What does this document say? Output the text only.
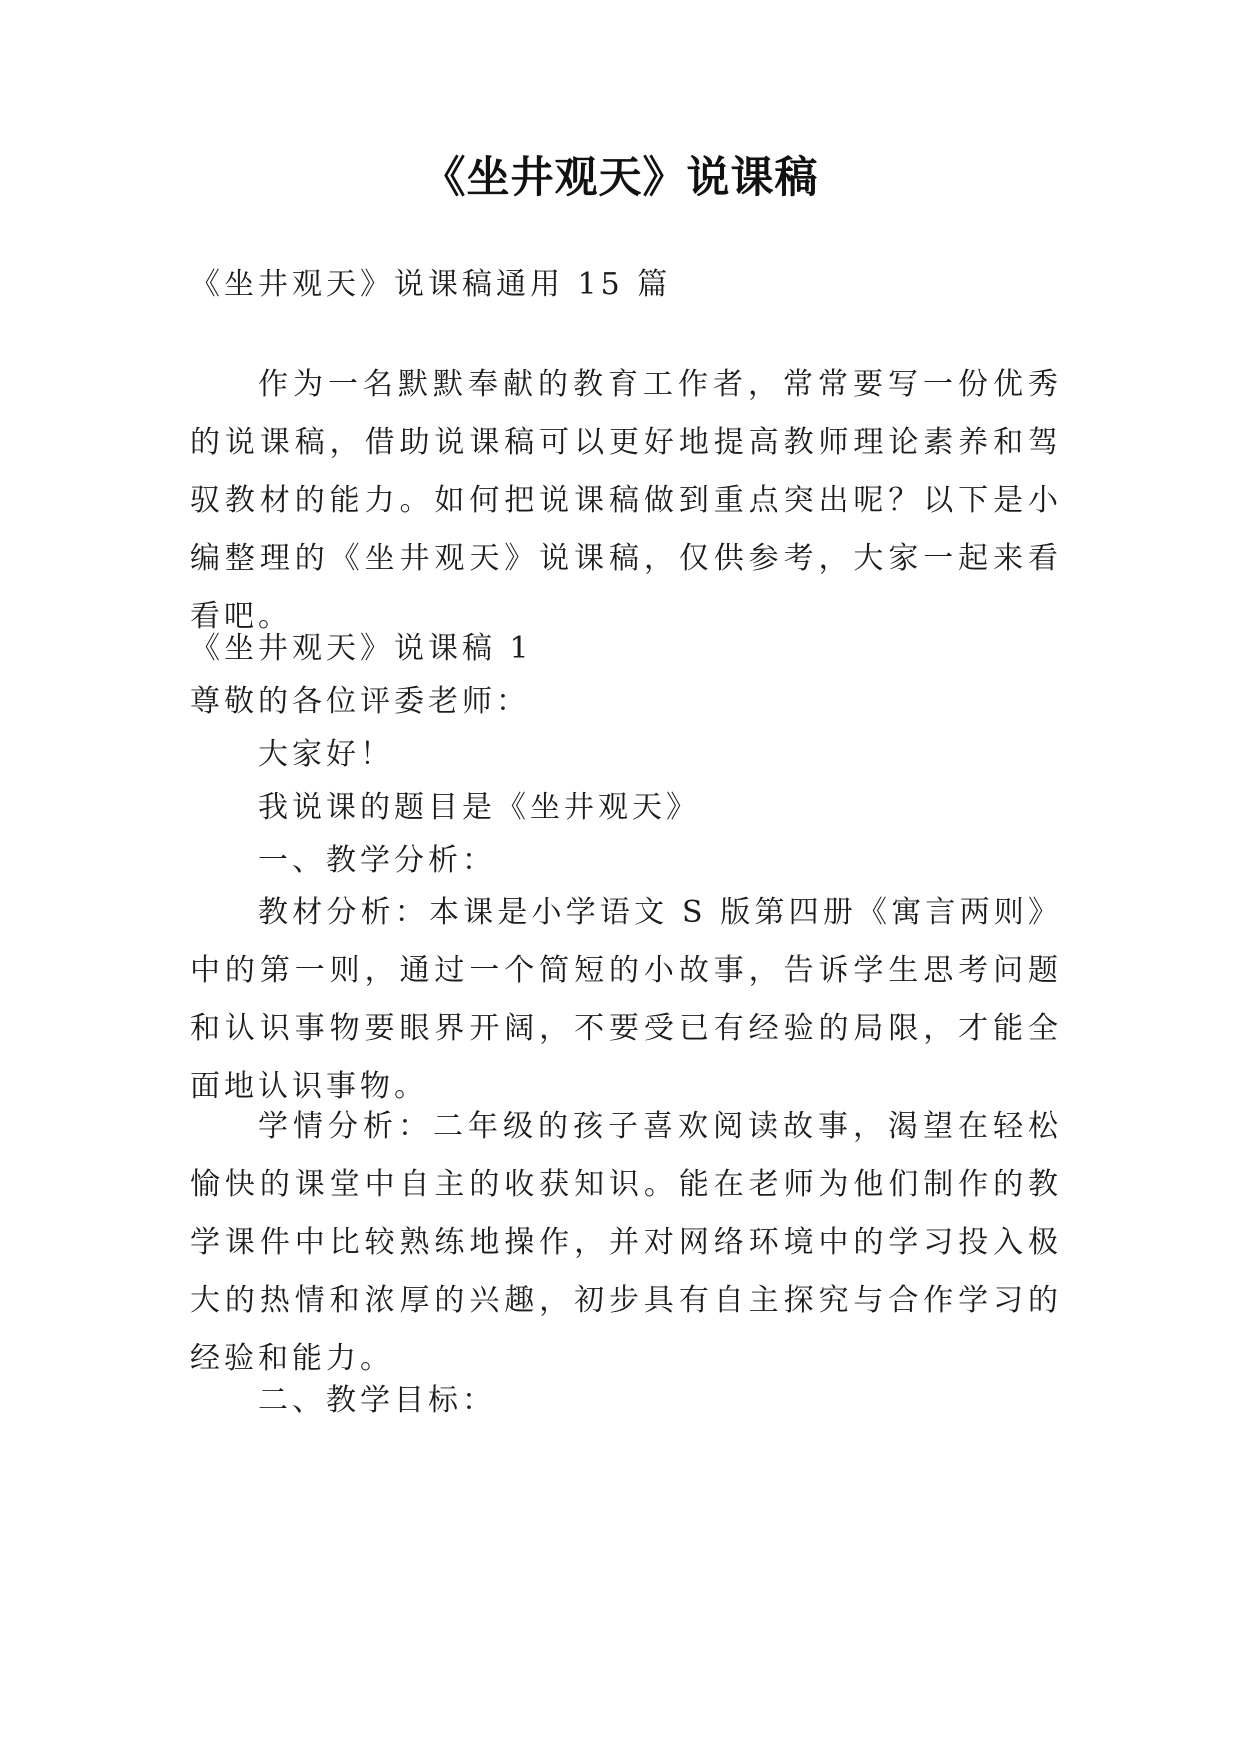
《坐井观天》说课稿

《坐井观天》说课稿通用 15 篇

作为一名默默奉献的教育工作者，常常要写一份优秀的说课稿，借助说课稿可以更好地提高教师理论素养和驾驭教材的能力。如何把说课稿做到重点突出呢？以下是小编整理的《坐井观天》说课稿，仅供参考，大家一起来看看吧。

《坐井观天》说课稿 1

尊敬的各位评委老师：

大家好！

我说课的题目是《坐井观天》

一、教学分析：

教材分析：本课是小学语文 S 版第四册《寓言两则》中的第一则，通过一个简短的小故事，告诉学生思考问题和认识事物要眼界开阔，不要受已有经验的局限，才能全面地认识事物。

学情分析：二年级的孩子喜欢阅读故事，渴望在轻松愉快的课堂中自主的收获知识。能在老师为他们制作的教学课件中比较熟练地操作，并对网络环境中的学习投入极大的热情和浓厚的兴趣，初步具有自主探究与合作学习的经验和能力。

二、教学目标：
